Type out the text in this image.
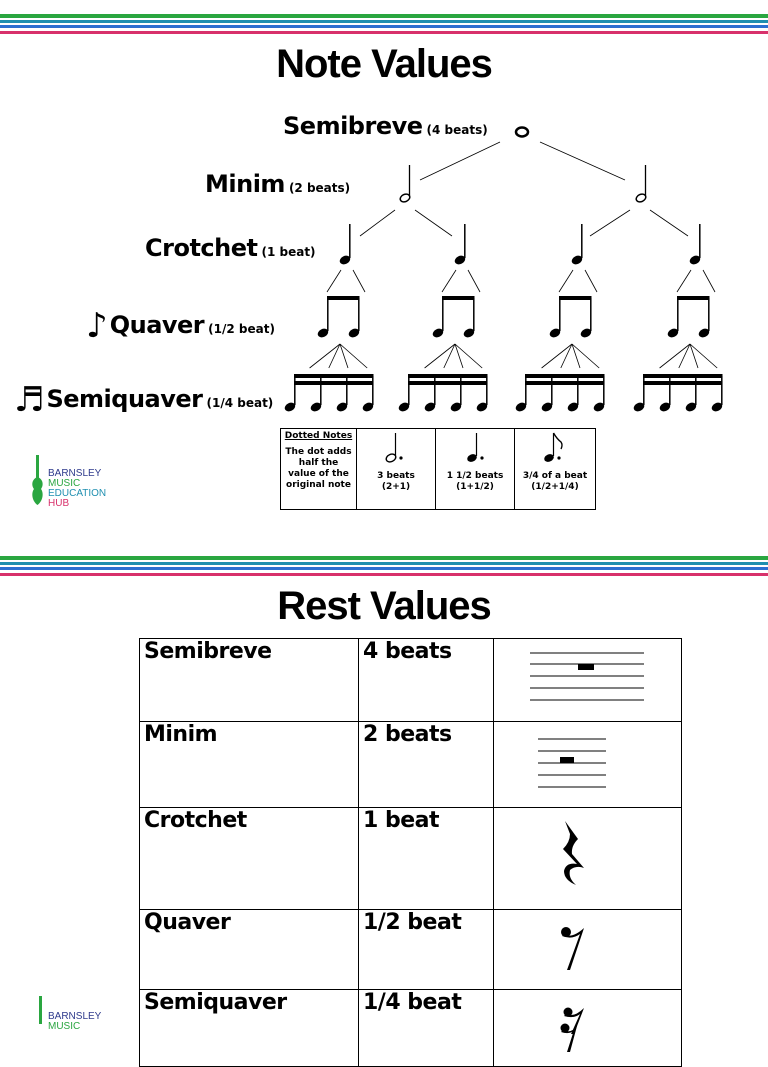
Note Values
Semibreve (4 beats)
Minim (2 beats)
Crotchet (1 beat)
♪Quaver (1/2 beat)
♬Semiquaver (1/4 beat)
Dotted Notes
The dot adds half the value of the original note

3 beats
(2+1)

1 1/2 beats
(1+1/2)

3/4 of a beat
(1/2+1/4)
BARNSLEY
MUSIC
EDUCATION
HUB
Rest Values
Semibreve	4 beats	
Minim	2 beats	
Crotchet	1 beat	
Quaver	1/2 beat	
Semiquaver	1/4 beat	
BARNSLEY
MUSIC
